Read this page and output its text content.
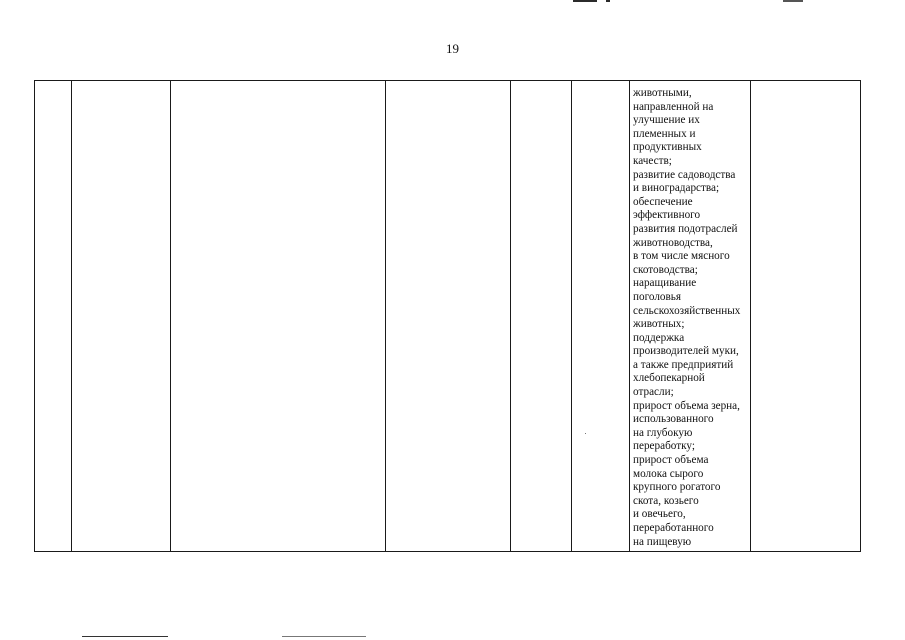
19

животными,
направленной на
улучшение их
племенных и
продуктивных
качеств;
развитие садоводства
и виноградарства;
обеспечение
эффективного
развития подотраслей
животноводства,
в том числе мясного
скотоводства;
наращивание
поголовья
сельскохозяйственных
животных;
поддержка
производителей муки,
а также предприятий
хлебопекарной
отрасли;
прирост объема зерна,
использованного
на глубокую
переработку;
прирост объема
молока сырого
крупного рогатого
скота, козьего
и овечьего,
переработанного
на пищевую
